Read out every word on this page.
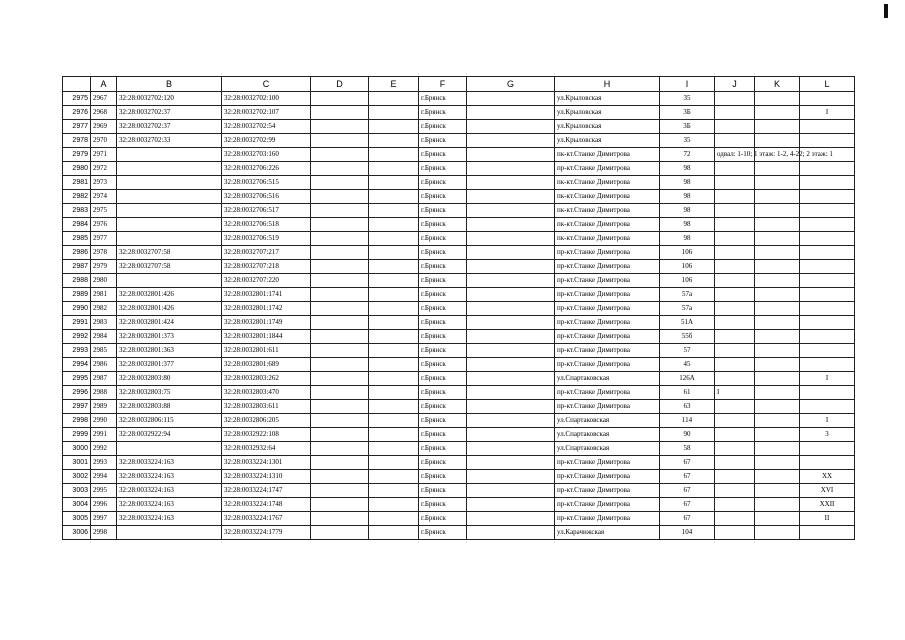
	A	B	C	D	E	F	G	H	I	J	K	L
2975	2967	32:28:0032702:120	32:28:0032702:100			г.Брянск		ул.Крыловская	35			
2976	2968	32:28:0032702:37	32:28:0032702:107			г.Брянск		ул.Крыловская	3Б			I
2977	2969	32:28:0032702:37	32:28:0032702:54			г.Брянск		ул.Крыловская	3Б			
2978	2970	32:28:0032702:33	32:28:0032702:99			г.Брянск		ул.Крыловская	35			
2979	2971		32:28:0032703:160			г.Брянск		пк-кт.Станке Димитрова	72	одвал: 1-10; 1 этаж: 1-2, 4-22; 2 этаж: 1		
2980	2972		32:28:0032706:226			г.Брянск		пр-кт.Станке Димитрова	98			
2981	2973		32:28:0032706:515			г.Брянск		пк-кт.Станке Димитрова	98			
2982	2974		32:28:0032706:516			г.Брянск		пк-кт.Станке Димитрова	98			
2983	2975		32:28:0032706:517			г.Брянск		пк-кт.Станке Димитрова	98			
2984	2976		32:28:0032706:518			г.Брянск		пк-кт.Станке Димитрова	98			
2985	2977		32:28:0032706:519			г.Брянск		пк-кт.Станке Димитрова	98			
2986	2978	32:28:0032707:58	32:28:0032707:217			г.Брянск		пр-кт.Станке Димитрова	106			
2987	2979	32:28:0032707:58	32:28:0032707:218			г.Брянск		пр-кт.Станке Димитрова	106			
2988	2980		32:28:0032707:220			г.Брянск		пр-кт.Станке Димитрова	106			
2989	2981	32:28:0032801:426	32:28:0032801:1741			г.Брянск		пр-кт.Станке Димитрова	57а			
2990	2982	32:28:0032801:426	32:28:0032801:1742			г.Брянск		пр-кт.Станке Димитрова	57а			
2991	2983	32:28:0032801:424	32:28:0032801:1749			г.Брянск		пр-кт.Станке Димитрова	51А			
2992	2984	32:28:0032801:373	32:28:0032801:1844			г.Брянск		пр-кт.Станке Димитрова	55б			
2993	2985	32:28:0032801:363	32:28:0032801:611			г.Брянск		пр-кт.Станке Димитрова	57			
2994	2986	32:28:0032801:377	32:28:0032801:689			г.Брянск		пр-кт.Станке Димитрова	45			
2995	2987	32:28:0032803:80	32:28:0032803:262			г.Брянск		ул.Спартаковская	126А			I
2996	2988	32:28:0032803:75	32:28:0032803:470			г.Брянск		пр-кт.Станке Димитрова	61	I		
2997	2989	32:28:0032803:88	32:28:0032803:611			г.Брянск		пр-кт.Станке Димитрова	63			
2998	2990	32:28:0032806:115	32:28:0032806:205			г.Брянск		ул.Спартаковская	114			I
2999	2991	32:28:0032922:94	32:28:0032922:108			г.Брянск		ул.Спартаковская	90			3
3000	2992		32:28:0032932:64			г.Брянск		ул.Спартаковская	58			
3001	2993	32:28:0033224:163	32:28:0033224:1301			г.Брянск		пр-кт.Станке Димитрова	67			
3002	2994	32:28:0033224:163	32:28:0033224:1310			г.Брянск		пр-кт.Станке Димитрова	67			XX
3003	2995	32:28:0033224:163	32:28:0033224:1747			г.Брянск		пр-кт.Станке Димитрова	67			XVI
3004	2996	32:28:0033224:163	32:28:0033224:1748			г.Брянск		пр-кт.Станке Димитрова	67			XXII
3005	2997	32:28:0033224:163	32:28:0033224:1767			г.Брянск		пр-кт.Станке Димитрова	67			II
3006	2998		32:28:0033224:1779			г.Брянск		ул.Карачижская	104			
